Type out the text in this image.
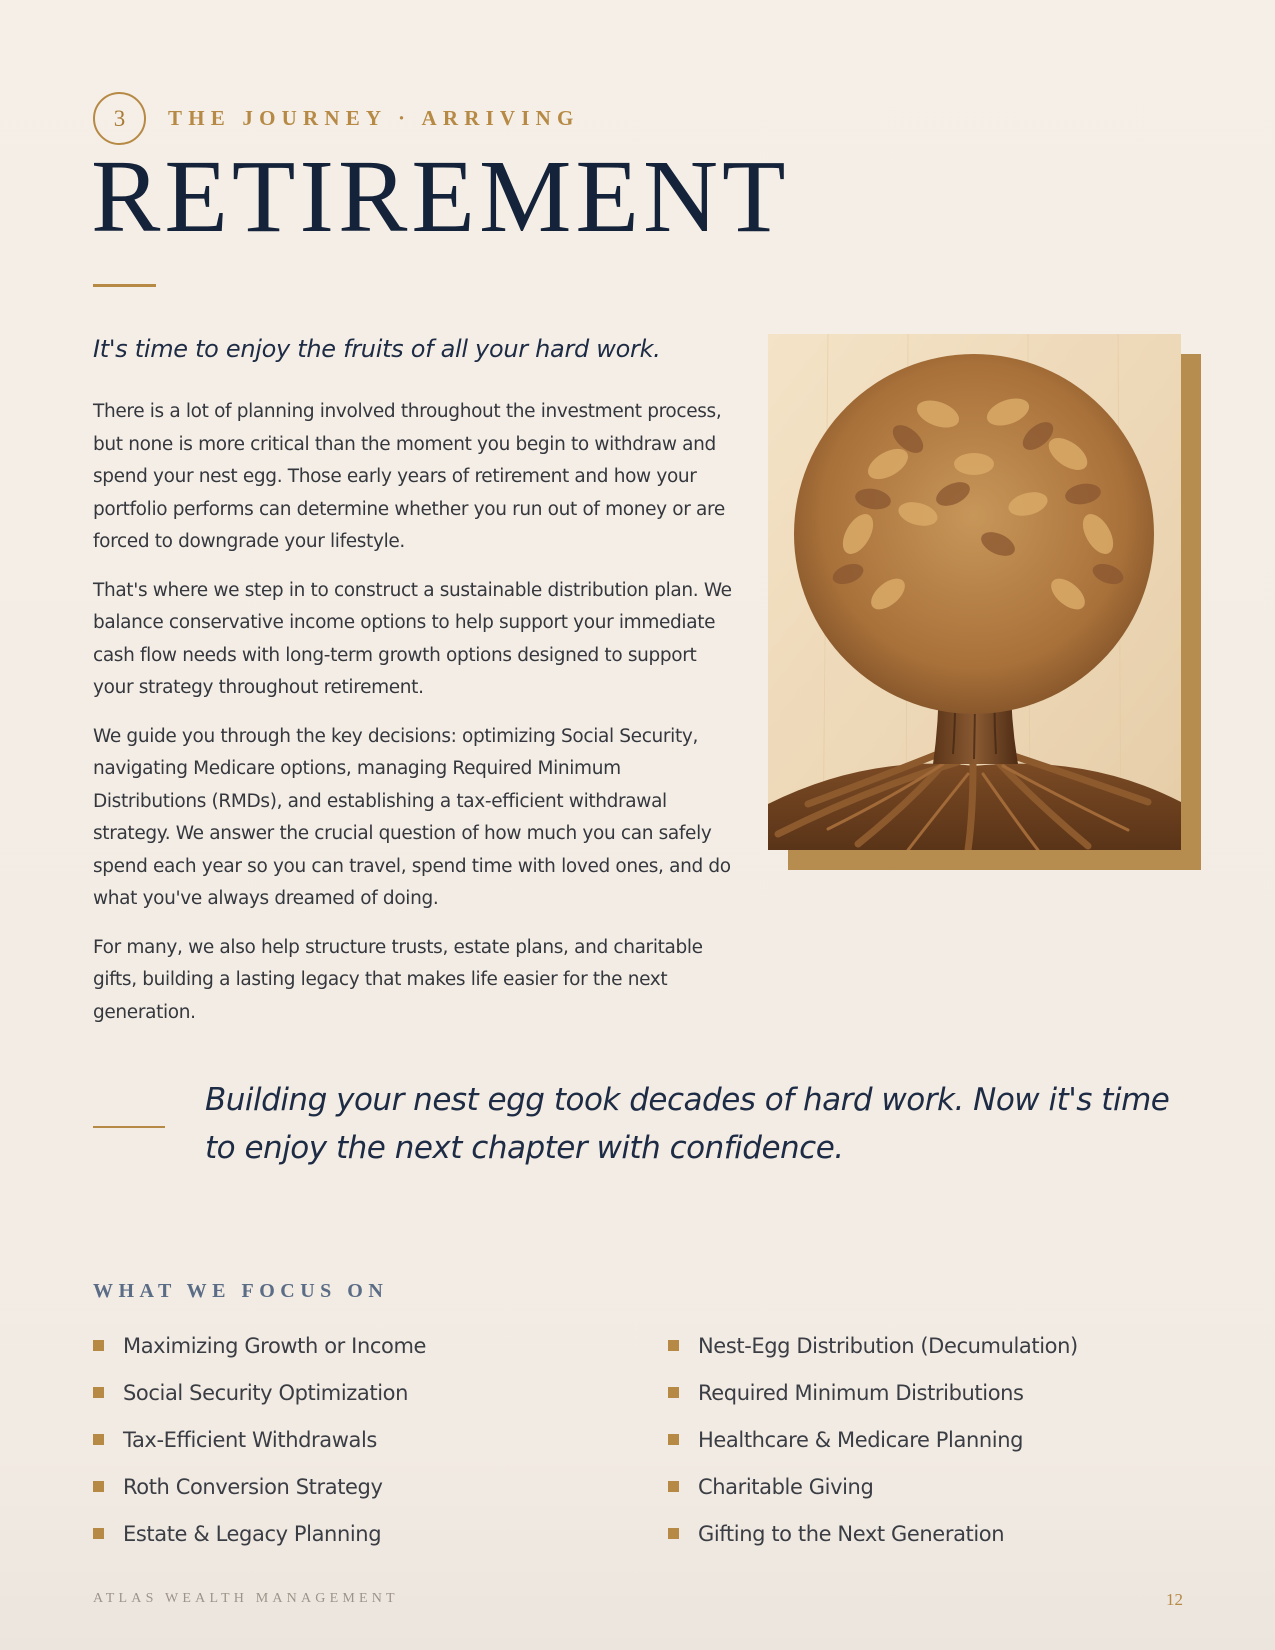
3	THE JOURNEY · ARRIVING
RETIREMENT
It's time to enjoy the fruits of all your hard work.

There is a lot of planning involved throughout the investment process, but none is more critical than the moment you begin to withdraw and spend your nest egg. Those early years of retirement and how your portfolio performs can determine whether you run out of money or are forced to downgrade your lifestyle.

That's where we step in to construct a sustainable distribution plan. We balance conservative income options to help support your immediate cash flow needs with long-term growth options designed to support your strategy throughout retirement.

We guide you through the key decisions: optimizing Social Security, navigating Medicare options, managing Required Minimum Distributions (RMDs), and establishing a tax-efficient withdrawal strategy. We answer the crucial question of how much you can safely spend each year so you can travel, spend time with loved ones, and do what you've always dreamed of doing.

For many, we also help structure trusts, estate plans, and charitable gifts, building a lasting legacy that makes life easier for the next generation.

Building your nest egg took decades of hard work. Now it's time to enjoy the next chapter with confidence.
WHAT WE FOCUS ON
Maximizing Growth or Income
Social Security Optimization
Tax-Efficient Withdrawals
Roth Conversion Strategy
Estate & Legacy Planning
Nest-Egg Distribution (Decumulation)
Required Minimum Distributions
Healthcare & Medicare Planning
Charitable Giving
Gifting to the Next Generation
ATLAS WEALTH MANAGEMENT	12
